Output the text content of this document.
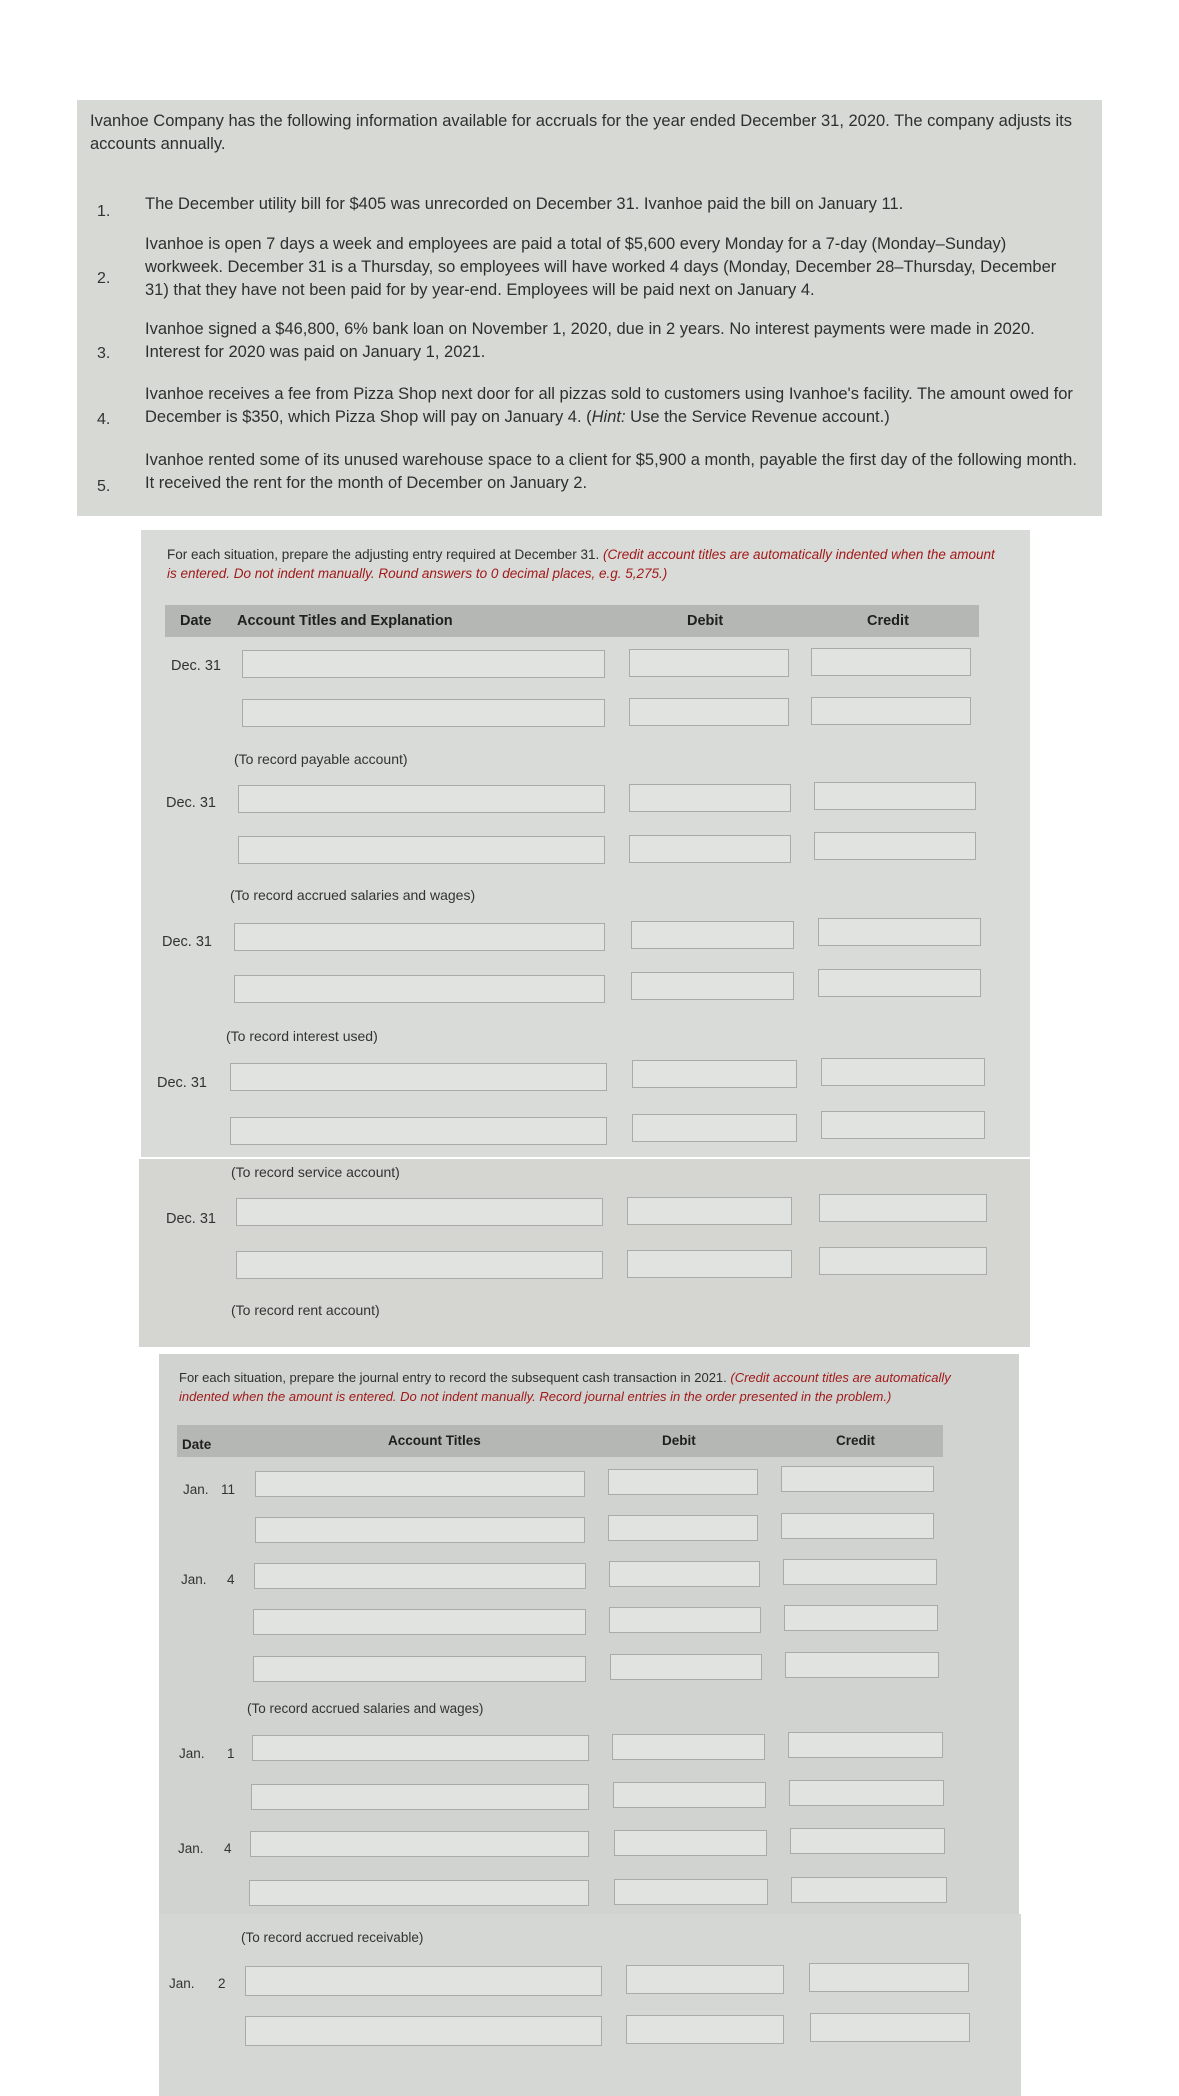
Ivanhoe Company has the following information available for accruals for the year ended December 31, 2020. The company adjusts its accounts annually.
1. The December utility bill for $405 was unrecorded on December 31. Ivanhoe paid the bill on January 11.
2.
Ivanhoe is open 7 days a week and employees are paid a total of $5,600 every Monday for a 7-day (Monday–Sunday) workweek. December 31 is a Thursday, so employees will have worked 4 days (Monday, December 28–Thursday, December 31) that they have not been paid for by year-end. Employees will be paid next on January 4.
3.
Ivanhoe signed a $46,800, 6% bank loan on November 1, 2020, due in 2 years. No interest payments were made in 2020. Interest for 2020 was paid on January 1, 2021.
4.
Ivanhoe receives a fee from Pizza Shop next door for all pizzas sold to customers using Ivanhoe's facility. The amount owed for December is $350, which Pizza Shop will pay on January 4. (Hint: Use the Service Revenue account.)
5.
Ivanhoe rented some of its unused warehouse space to a client for $5,900 a month, payable the first day of the following month. It received the rent for the month of December on January 2.
For each situation, prepare the adjusting entry required at December 31. (Credit account titles are automatically indented when the amount is entered. Do not indent manually. Round answers to 0 decimal places, e.g. 5,275.)
Date Account Titles and Explanation	Debit	Credit
Dec. 31
(To record payable account)
Dec. 31
(To record accrued salaries and wages)
Dec. 31
(To record interest used)
Dec. 31
(To record service account)
Dec. 31
(To record rent account)
For each situation, prepare the journal entry to record the subsequent cash transaction in 2021. (Credit account titles are automatically indented when the amount is entered. Do not indent manually. Record journal entries in the order presented in the problem.)
Date	Account Titles	Debit	Credit
Jan. 11
Jan. 4
(To record accrued salaries and wages)
Jan. 1
Jan. 4
(To record accrued receivable)
Jan. 2
